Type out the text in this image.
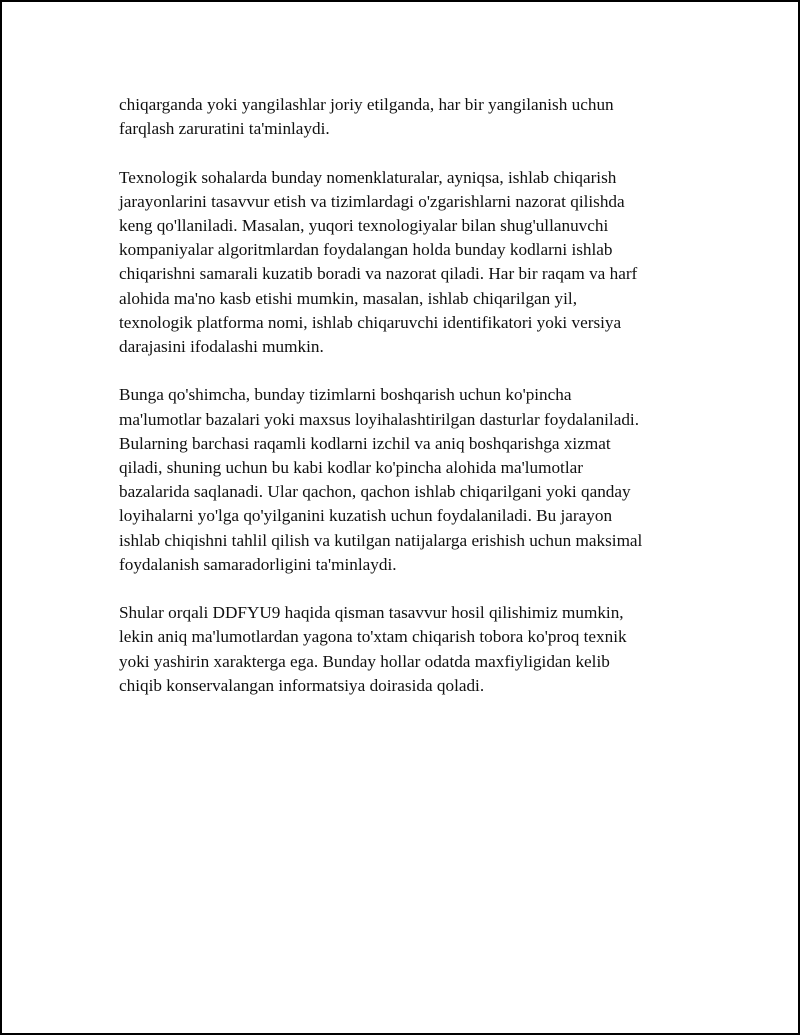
chiqarganda yoki yangilashlar joriy etilganda, har bir yangilanish uchun
farqlash zaruratini ta'minlaydi.

Texnologik sohalarda bunday nomenklaturalar, ayniqsa, ishlab chiqarish
jarayonlarini tasavvur etish va tizimlardagi o'zgarishlarni nazorat qilishda
keng qo'llaniladi. Masalan, yuqori texnologiyalar bilan shug'ullanuvchi
kompaniyalar algoritmlardan foydalangan holda bunday kodlarni ishlab
chiqarishni samarali kuzatib boradi va nazorat qiladi. Har bir raqam va harf
alohida ma'no kasb etishi mumkin, masalan, ishlab chiqarilgan yil,
texnologik platforma nomi, ishlab chiqaruvchi identifikatori yoki versiya
darajasini ifodalashi mumkin.

Bunga qo'shimcha, bunday tizimlarni boshqarish uchun ko'pincha
ma'lumotlar bazalari yoki maxsus loyihalashtirilgan dasturlar foydalaniladi.
Bularning barchasi raqamli kodlarni izchil va aniq boshqarishga xizmat
qiladi, shuning uchun bu kabi kodlar ko'pincha alohida ma'lumotlar
bazalarida saqlanadi. Ular qachon, qachon ishlab chiqarilgani yoki qanday
loyihalarni yo'lga qo'yilganini kuzatish uchun foydalaniladi. Bu jarayon
ishlab chiqishni tahlil qilish va kutilgan natijalarga erishish uchun maksimal
foydalanish samaradorligini ta'minlaydi.

Shular orqali DDFYU9 haqida qisman tasavvur hosil qilishimiz mumkin,
lekin aniq ma'lumotlardan yagona to'xtam chiqarish tobora ko'proq texnik
yoki yashirin xarakterga ega. Bunday hollar odatda maxfiyligidan kelib
chiqib konservalangan informatsiya doirasida qoladi.
